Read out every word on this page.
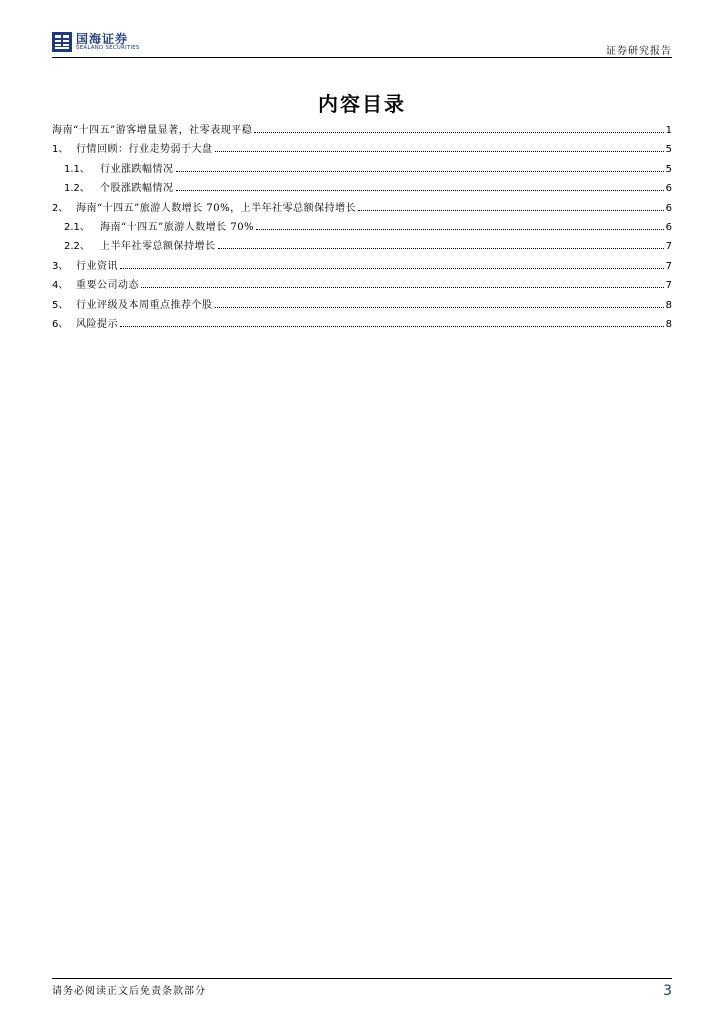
国海证券
SEALAND SECURITIES	证券研究报告
内容目录
海南“十四五”游客增量显著，社零表现平稳	1
1、 行情回顾：行业走势弱于大盘	5
1.1、	行业涨跌幅情况	5
1.2、	个股涨跌幅情况	6
2、 海南“十四五”旅游人数增长 70%，上半年社零总额保持增长	6
2.1、	海南“十四五”旅游人数增长 70%	6
2.2、	上半年社零总额保持增长	7
3、 行业资讯	7
4、 重要公司动态	7
5、 行业评级及本周重点推荐个股	8
6、 风险提示	8
请务必阅读正文后免责条款部分	3
